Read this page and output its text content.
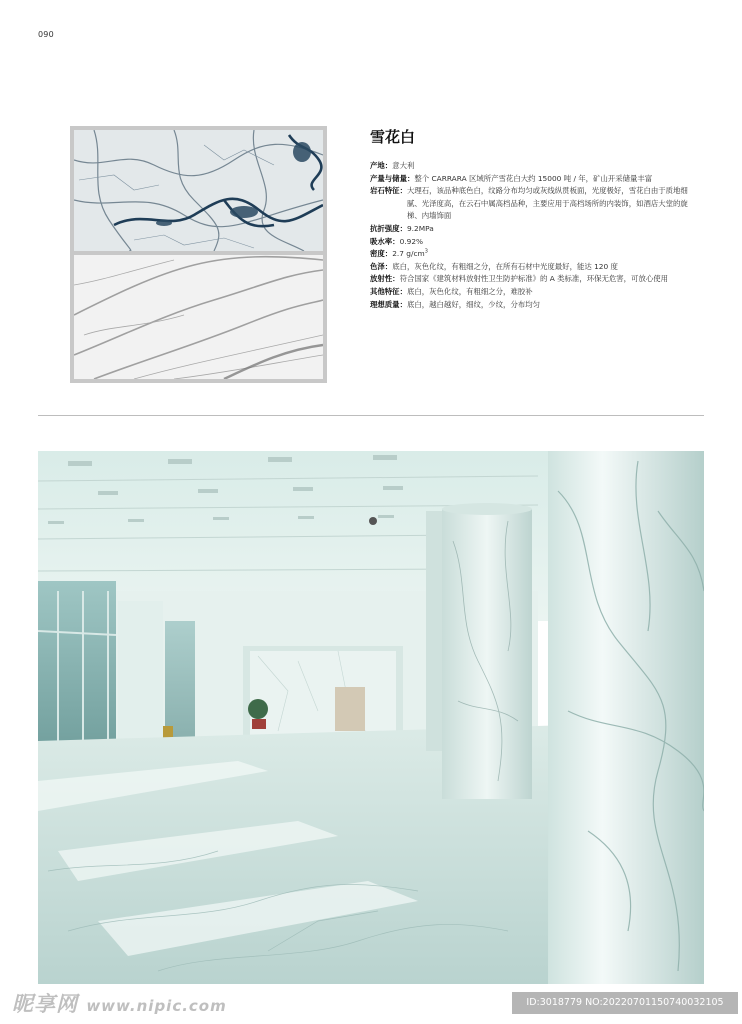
090
雪花白
产地： 意大利
产量与储量： 整个 CARRARA 区域所产雪花白大约 15000 吨 / 年，矿山开采储量丰富
岩石特征： 大理石，该品种底色白，纹路分布均匀或灰线纵贯板面，光度极好，雪花白由于质地细腻、光泽度高，在云石中属高档品种，主要应用于高档场所的内装饰，如酒店大堂的旋梯、内墙饰面
抗折强度： 9.2MPa
吸水率： 0.92%
密度： 2.7 $g/cm^3$
色泽： 底白，灰色化纹，有粗细之分，在所有石材中光度最好，能达 120 度
放射性： 符合国家《建筑材料放射性卫生防护标准》的 A 类标准，环保无危害，可放心使用
其他特征： 底白，灰色化纹，有粗细之分，难胶补
理想质量： 底白，越白越好，细纹，少纹，分布均匀
昵享网 www.nipic.com	ID:3018779 NO:20220701150740032105
